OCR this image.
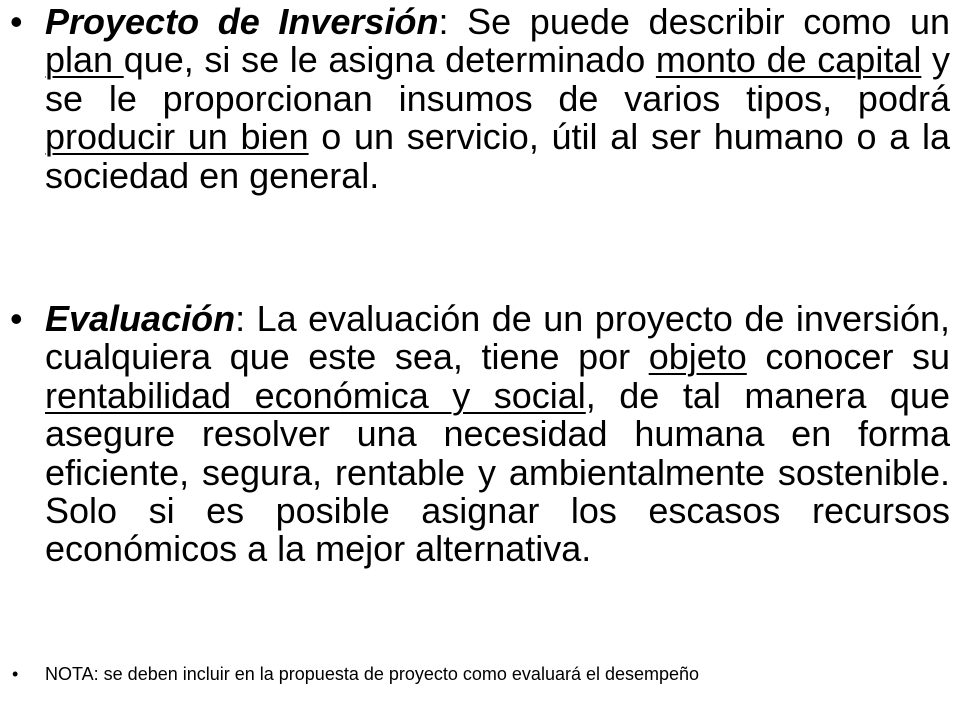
• Proyecto de Inversión: Se puede describir como un plan que, si se le asigna determinado monto de capital y se le proporcionan insumos de varios tipos, podrá producir un bien o un servicio, útil al ser humano o a la sociedad en general.
• Evaluación: La evaluación de un proyecto de inversión, cualquiera que este sea, tiene por objeto conocer su rentabilidad económica y social, de tal manera que asegure resolver una necesidad humana en forma eficiente, segura, rentable y ambientalmente sostenible. Solo si es posible asignar los escasos recursos económicos a la mejor alternativa.
• NOTA: se deben incluir en la propuesta de proyecto como evaluará el desempeño
